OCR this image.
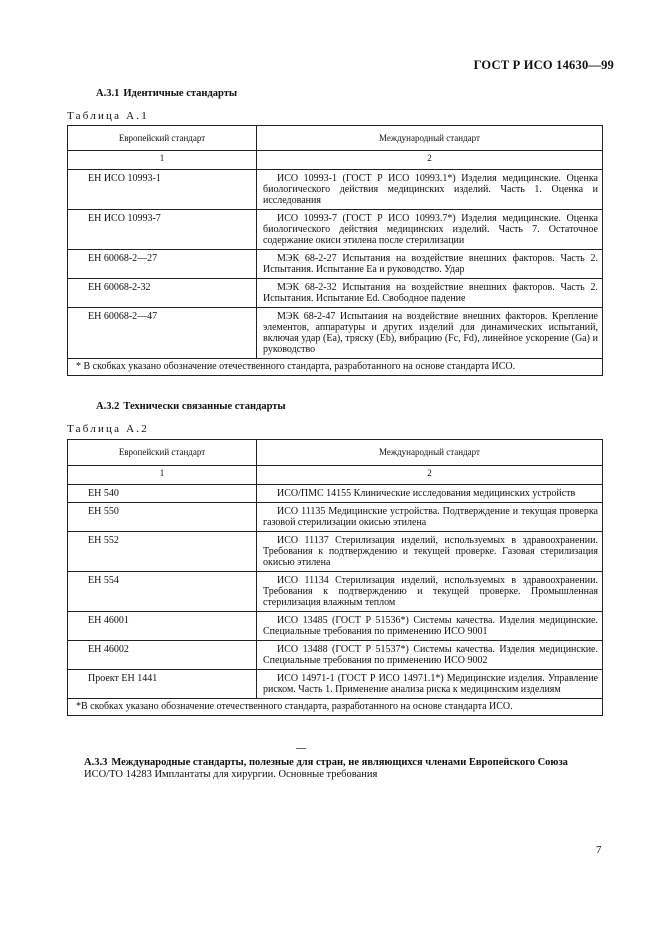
ГОСТ Р ИСО 14630—99
А.3.1 Идентичные стандарты
Таблица А.1
Европейский стандарт	Международный стандарт
1	2
ЕН ИСО 10993-1	ИСО 10993-1 (ГОСТ Р ИСО 10993.1*) Изделия медицинские. Оценка биологического действия медицинских изделий. Часть 1. Оценка и исследования
ЕН ИСО 10993-7	ИСО 10993-7 (ГОСТ Р ИСО 10993.7*) Изделия медицинские. Оценка биологического действия медицинских изделий. Часть 7. Остаточное содержание окиси этилена после стерилизации
ЕН 60068-2—27	МЭК 68-2-27 Испытания на воздействие внешних факторов. Часть 2. Испытания. Испытание Еа и руководство. Удар
ЕН 60068-2-32	МЭК 68-2-32 Испытания на воздействие внешних факторов. Часть 2. Испытания. Испытание Ed. Свободное падение
ЕН 60068-2—47	МЭК 68-2-47 Испытания на воздействие внешних факторов. Крепление элементов, аппаратуры и других изделий для динамических испытаний, включая удар (Ea), тряску (Eb), вибрацию (Fc, Fd), линейное ускорение (Ga) и руководство
* В скобках указано обозначение отечественного стандарта, разработанного на основе стандарта ИСО.	
А.3.2 Технически связанные стандарты
Таблица А.2
Европейский стандарт	Международный стандарт
1	2
ЕН 540	ИСО/ПМС 14155 Клинические исследования медицинских устройств
ЕН 550	ИСО 11135 Медицинские устройства. Подтверждение и текущая проверка газовой стерилизации окисью этилена
ЕН 552	ИСО 11137 Стерилизация изделий, используемых в здравоохранении. Требования к подтверждению и текущей проверке. Газовая стерилизация окисью этилена
ЕН 554	ИСО 11134 Стерилизация изделий, используемых в здравоохранении. Требования к подтверждению и текущей проверке. Промышленная стерилизация влажным теплом
ЕН 46001	ИСО 13485 (ГОСТ Р 51536*) Системы качества. Изделия медицинские. Специальные требования по применению ИСО 9001
ЕН 46002	ИСО 13488 (ГОСТ Р 51537*) Системы качества. Изделия медицинские. Специальные требования по применению ИСО 9002
Проект ЕН 1441	ИСО 14971-1 (ГОСТ Р ИСО 14971.1*) Медицинские изделия. Управление риском. Часть 1. Применение анализа риска к медицинским изделиям
*В скобках указано обозначение отечественного стандарта, разработанного на основе стандарта ИСО.	
А.3.3 Международные стандарты, полезные для стран, не являющихся членами Европейского Союза
ИСО/ТО 14283 Имплантаты для хирургии. Основные требования
7
